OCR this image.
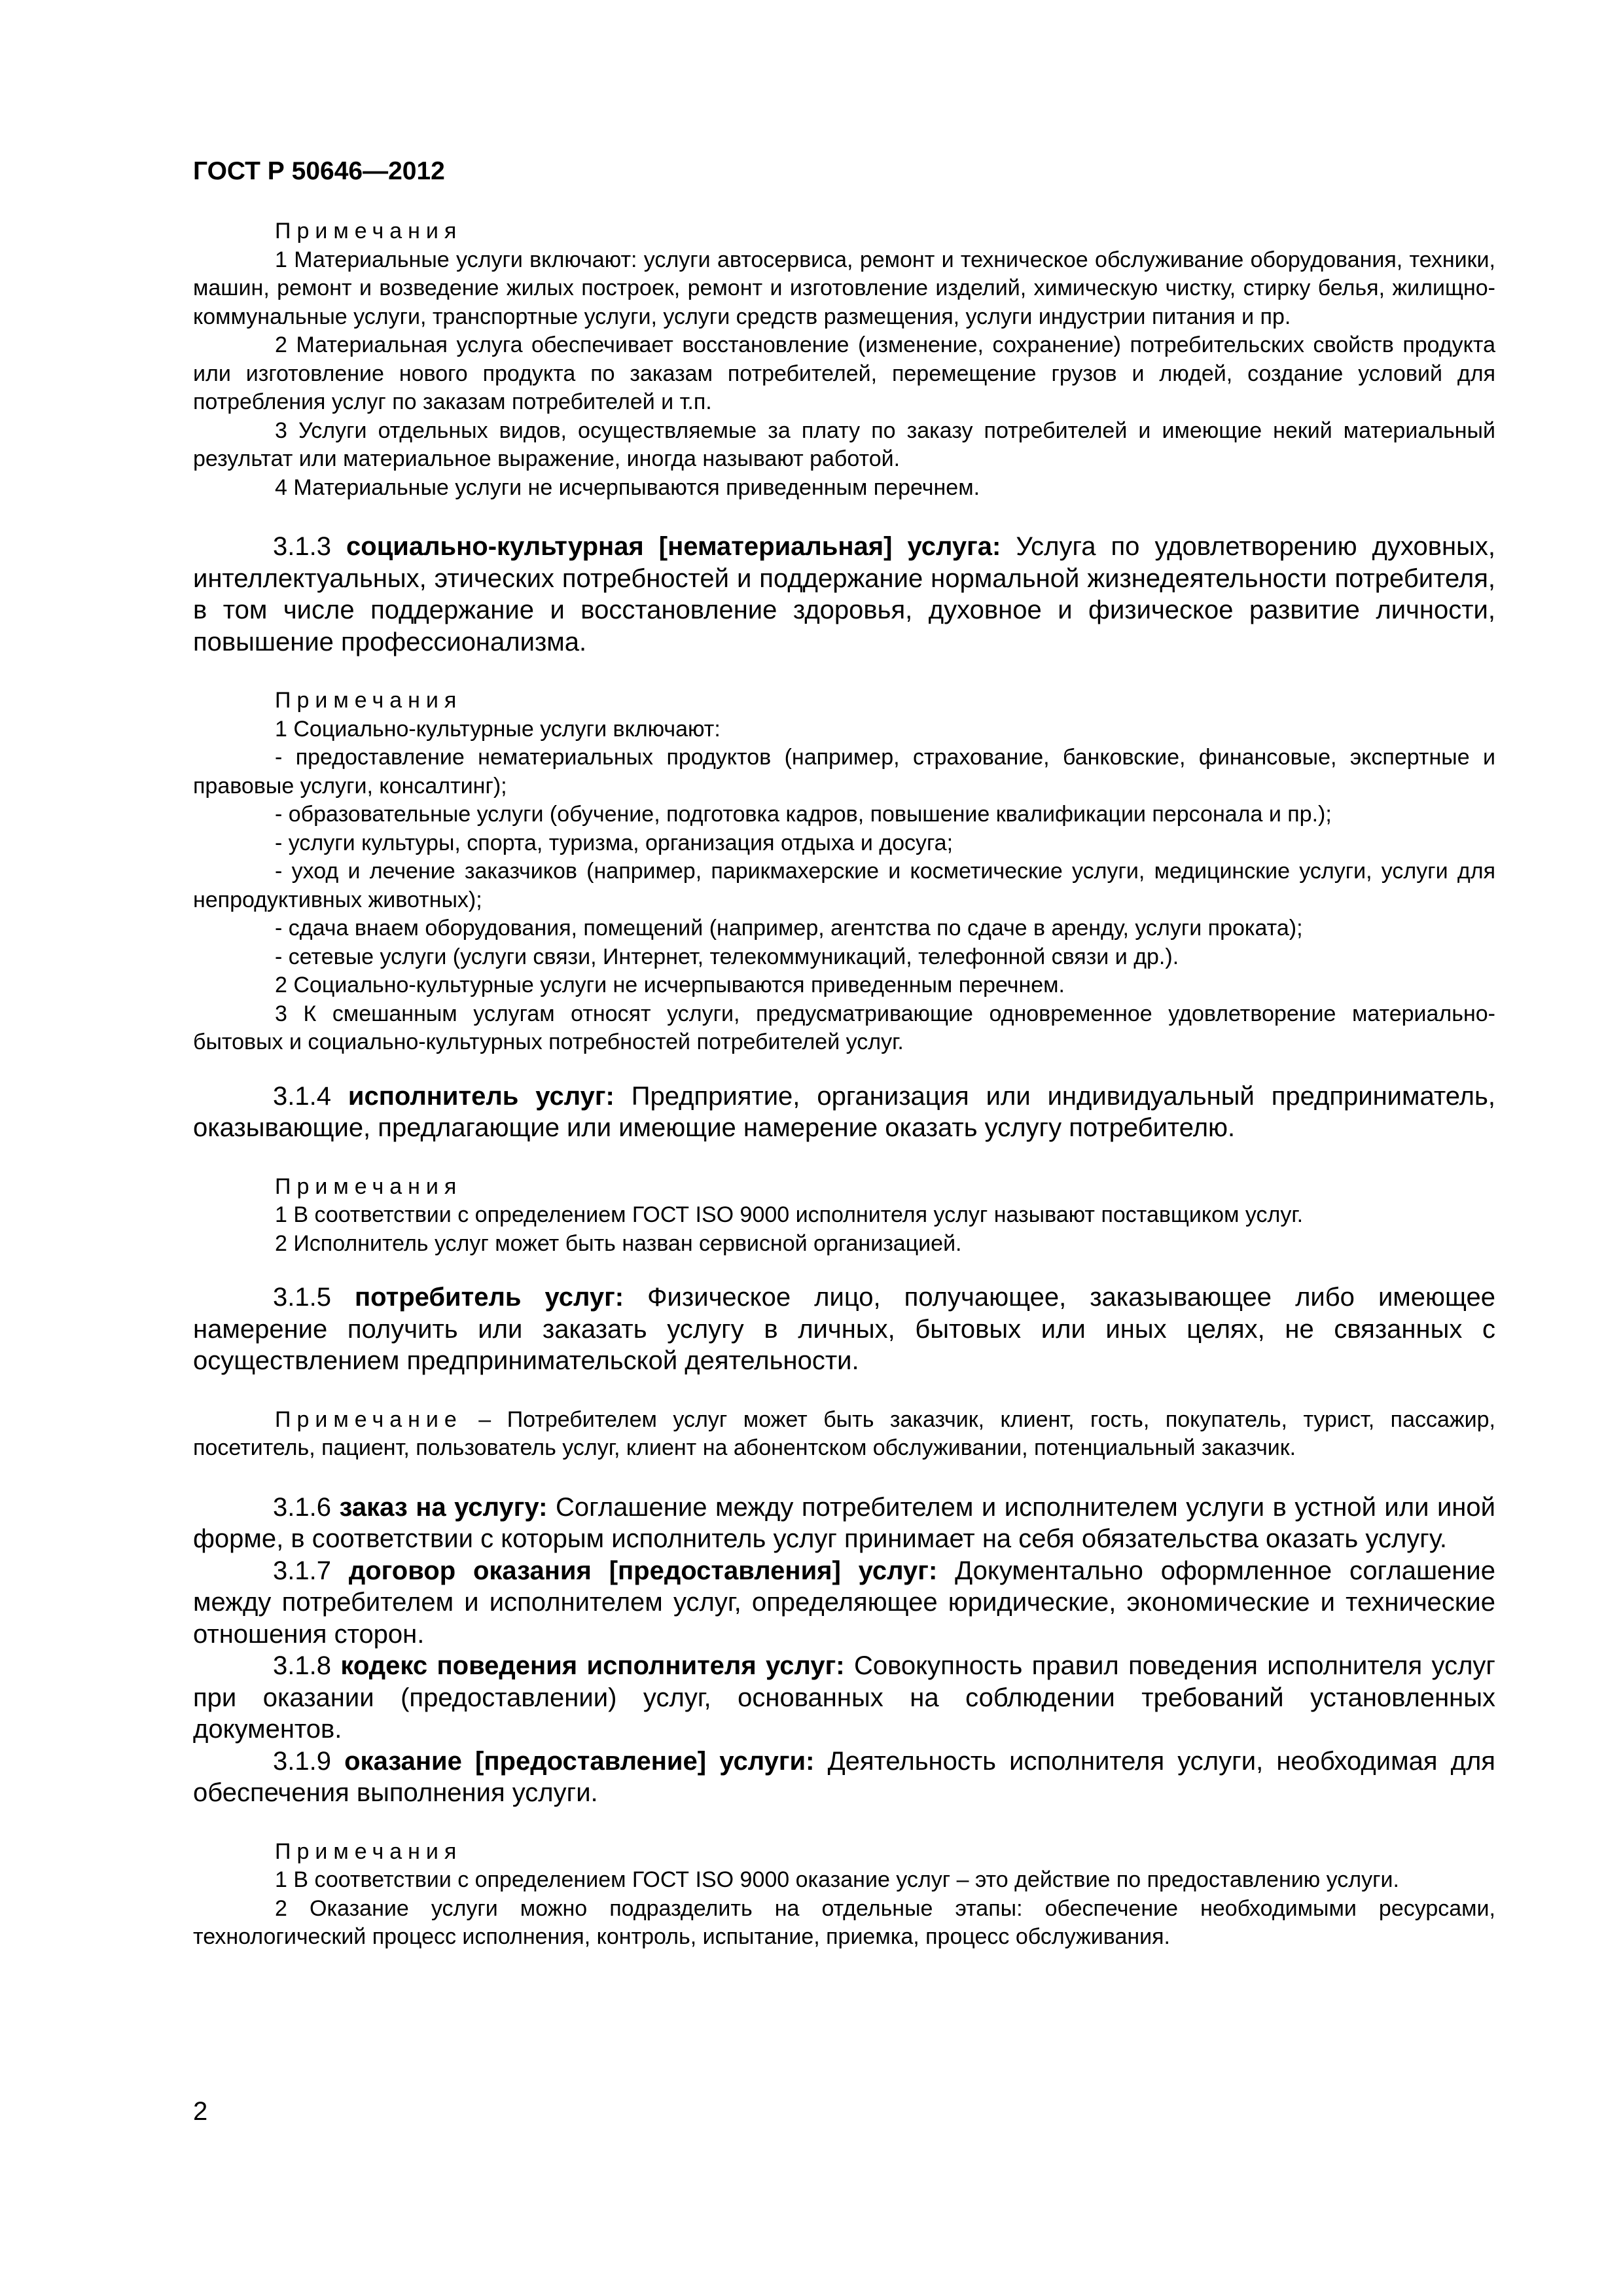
ГОСТ Р 50646—2012

Примечания

1 Материальные услуги включают: услуги автосервиса, ремонт и техническое обслуживание оборудования, техники, машин, ремонт и возведение жилых построек, ремонт и изготовление изделий, химическую чистку, стирку белья, жилищно-коммунальные услуги, транспортные услуги, услуги средств размещения, услуги индустрии питания и пр.

2 Материальная услуга обеспечивает восстановление (изменение, сохранение) потребительских свойств продукта или изготовление нового продукта по заказам потребителей, перемещение грузов и людей, создание условий для потребления услуг по заказам потребителей и т.п.

3 Услуги отдельных видов, осуществляемые за плату по заказу потребителей и имеющие некий материальный результат или материальное выражение, иногда называют работой.

4 Материальные услуги не исчерпываются приведенным перечнем.

3.1.3 социально-культурная [нематериальная] услуга: Услуга по удовлетворению духовных, интеллектуальных, этических потребностей и поддержание нормальной жизнедеятельности потребителя, в том числе поддержание и восстановление здоровья, духовное и физическое развитие личности, повышение профессионализма.

Примечания

1 Социально-культурные услуги включают:

- предоставление нематериальных продуктов (например, страхование, банковские, финансовые, экспертные и правовые услуги, консалтинг);

- образовательные услуги (обучение, подготовка кадров, повышение квалификации персонала и пр.);

- услуги культуры, спорта, туризма, организация отдыха и досуга;

- уход и лечение заказчиков (например, парикмахерские и косметические услуги, медицинские услуги, услуги для непродуктивных животных);

- сдача внаем оборудования, помещений (например, агентства по сдаче в аренду, услуги проката);

- сетевые услуги (услуги связи, Интернет, телекоммуникаций, телефонной связи и др.).

2 Социально-культурные услуги не исчерпываются приведенным перечнем.

3 К смешанным услугам относят услуги, предусматривающие одновременное удовлетворение материально-бытовых и социально-культурных потребностей потребителей услуг.

3.1.4 исполнитель услуг: Предприятие, организация или индивидуальный предприниматель, оказывающие, предлагающие или имеющие намерение оказать услугу потребителю.

Примечания

1 В соответствии с определением ГОСТ ISO 9000 исполнителя услуг называют поставщиком услуг.

2 Исполнитель услуг может быть назван сервисной организацией.

3.1.5 потребитель услуг: Физическое лицо, получающее, заказывающее либо имеющее намерение получить или заказать услугу в личных, бытовых или иных целях, не связанных с осуществлением предпринимательской деятельности.

Примечание – Потребителем услуг может быть заказчик, клиент, гость, покупатель, турист, пассажир, посетитель, пациент, пользователь услуг, клиент на абонентском обслуживании, потенциальный заказчик.

3.1.6 заказ на услугу: Соглашение между потребителем и исполнителем услуги в устной или иной форме, в соответствии с которым исполнитель услуг принимает на себя обязательства оказать услугу.

3.1.7 договор оказания [предоставления] услуг: Документально оформленное соглашение между потребителем и исполнителем услуг, определяющее юридические, экономические и технические отношения сторон.

3.1.8 кодекс поведения исполнителя услуг: Совокупность правил поведения исполнителя услуг при оказании (предоставлении) услуг, основанных на соблюдении требований установленных документов.

3.1.9 оказание [предоставление] услуги: Деятельность исполнителя услуги, необходимая для обеспечения выполнения услуги.

Примечания

1 В соответствии с определением ГОСТ ISO 9000 оказание услуг – это действие по предоставлению услуги.

2 Оказание услуги можно подразделить на отдельные этапы: обеспечение необходимыми ресурсами, технологический процесс исполнения, контроль, испытание, приемка, процесс обслуживания.

2
